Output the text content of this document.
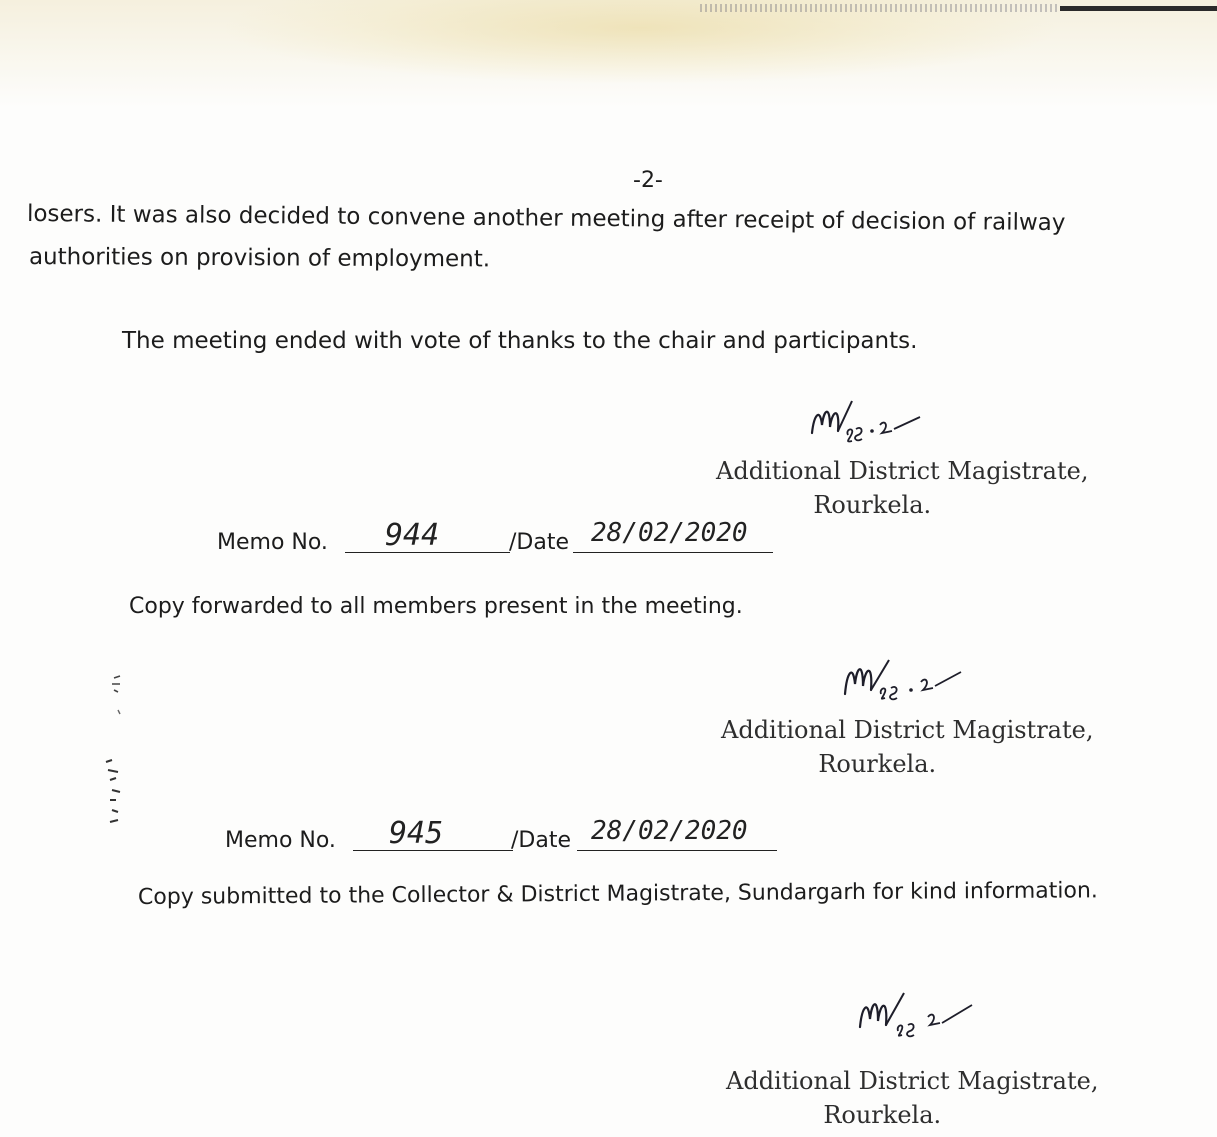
-2-
losers. It was also decided to convene another meeting after receipt of decision of railway
authorities on provision of employment.
The meeting ended with vote of thanks to the chair and participants.
Additional District Magistrate,
Rourkela.
Memo No. 944	/Date 28/02/2020
Copy forwarded to all members present in the meeting.
Additional District Magistrate,
Rourkela.
Memo No. 945	/Date 28/02/2020
Copy submitted to the Collector & District Magistrate, Sundargarh for kind information.
Additional District Magistrate,
Rourkela.
